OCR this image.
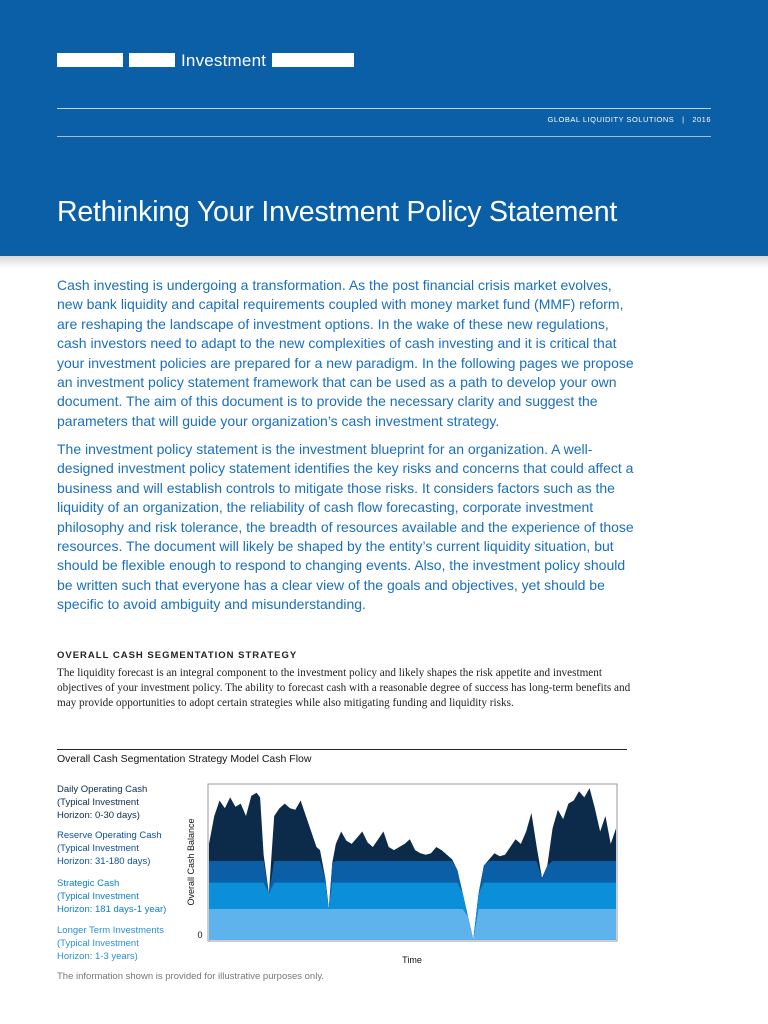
Investment
GLOBAL LIQUIDITY SOLUTIONS | 2016
Rethinking Your Investment Policy Statement

Cash investing is undergoing a transformation. As the post financial crisis market evolves, new bank liquidity and capital requirements coupled with money market fund (MMF) reform, are reshaping the landscape of investment options. In the wake of these new regulations, cash investors need to adapt to the new complexities of cash investing and it is critical that your investment policies are prepared for a new paradigm. In the following pages we propose an investment policy statement framework that can be used as a path to develop your own document. The aim of this document is to provide the necessary clarity and suggest the parameters that will guide your organization’s cash investment strategy.

The investment policy statement is the investment blueprint for an organization. A well-designed investment policy statement identifies the key risks and concerns that could affect a business and will establish controls to mitigate those risks. It considers factors such as the liquidity of an organization, the reliability of cash flow forecasting, corporate investment philosophy and risk tolerance, the breadth of resources available and the experience of those resources. The document will likely be shaped by the entity’s current liquidity situation, but should be flexible enough to respond to changing events. Also, the investment policy should be written such that everyone has a clear view of the goals and objectives, yet should be specific to avoid ambiguity and misunderstanding.

OVERALL CASH SEGMENTATION STRATEGY

The liquidity forecast is an integral component to the investment policy and likely shapes the risk appetite and investment objectives of your investment policy. The ability to forecast cash with a reasonable degree of success has long-term benefits and may provide opportunities to adopt certain strategies while also mitigating funding and liquidity risks.

Overall Cash Segmentation Strategy Model Cash Flow

Daily Operating Cash
(Typical Investment
Horizon: 0-30 days)
Reserve Operating Cash
(Typical Investment
Horizon: 31-180 days)
Strategic Cash
(Typical Investment
Horizon: 181 days-1 year)
Longer Term Investments
(Typical Investment
Horizon: 1-3 years)
Overall Cash Balance
0
Time

The information shown is provided for illustrative purposes only.
